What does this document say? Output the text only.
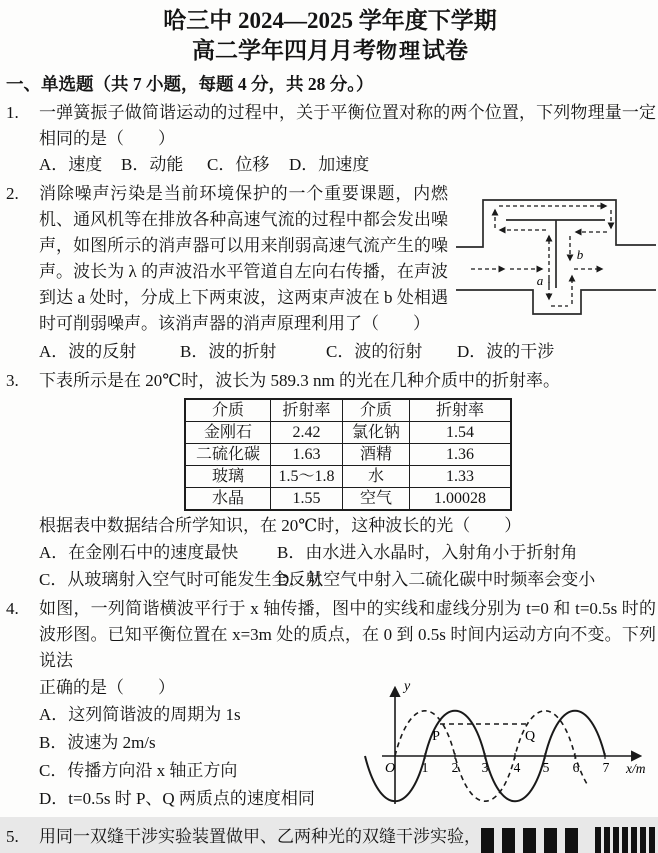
哈三中 2024—2025 学年度下学期
高二学年四月月考物理试卷
一、单选题（共 7 小题，每题 4 分，共 28 分。）
1.	一弹簧振子做简谐运动的过程中，关于平衡位置对称的两个位置，下列物理量一定相同的是（　　）

A．速度	B．动能	C．位移	D．加速度
2.
a
b

消除噪声污染是当前环境保护的一个重要课题，内燃机、通风机等在排放各种高速气流的过程中都会发出噪声，如图所示的消声器可以用来削弱高速气流产生的噪声。波长为 λ 的声波沿水平管道自左向右传播，在声波到达 a 处时，分成上下两束波，这两束声波在 b 处相遇时可削弱噪声。该消声器的消声原理利用了（　　）

A．波的反射	B．波的折射	C．波的衍射	D．波的干涉
3.	下表所示是在 20℃时，波长为 589.3 nm 的光在几种介质中的折射率。

介质	折射率	介质	折射率
金刚石	2.42	氯化钠	1.54
二硫化碳	1.63	酒精	1.36
玻璃	1.5～1.8	水	1.33
水晶	1.55	空气	1.00028

根据表中数据结合所学知识，在 20℃时，这种波长的光（　　）

A．在金刚石中的速度最快	B．由水进入水晶时，入射角小于折射角
C．从玻璃射入空气时可能发生全反射
D．从空气中射入二硫化碳中时频率会变小
4.	如图，一列简谐横波平行于 x 轴传播，图中的实线和虚线分别为 t=0 和 t=0.5s 时的波形图。已知平衡位置在 x=3m 处的质点，在 0 到 0.5s 时间内运动方向不变。下列说法

正确的是（　　）
A．这列简谐波的周期为 1s
B．波速为 2m/s
C．传播方向沿 x 轴正方向
D．t=0.5s 时 P、Q 两质点的速度相同
P	Q
y
O	x/m
1 2 3 4 5 6 7
5.	用同一双缝干涉实验装置做甲、乙两种光的双缝干涉实验，
